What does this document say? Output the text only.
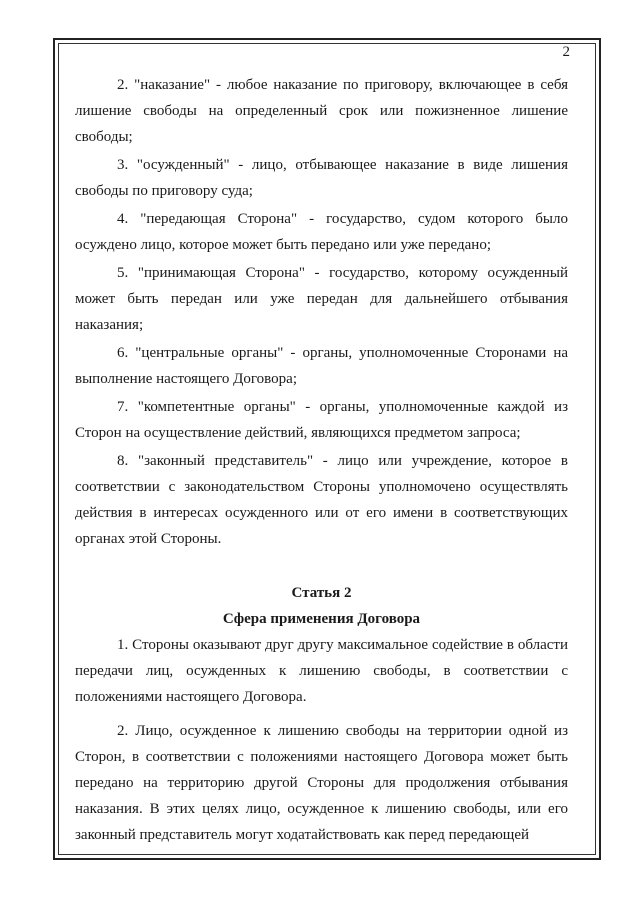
2

2. "наказание" - любое наказание по приговору, включающее в себя лишение свободы на определенный срок или пожизненное лишение свободы;

3. "осужденный" - лицо, отбывающее наказание в виде лишения свободы по приговору суда;

4. "передающая Сторона" - государство, судом которого было осуждено лицо, которое может быть передано или уже передано;

5. "принимающая Сторона" - государство, которому осужденный может быть передан или уже передан для дальнейшего отбывания наказания;

6. "центральные органы" - органы, уполномоченные Сторонами на выполнение настоящего Договора;

7. "компетентные органы" - органы, уполномоченные каждой из Сторон на осуществление действий, являющихся предметом запроса;

8. "законный представитель" - лицо или учреждение, которое в соответствии с законодательством Стороны уполномочено осуществлять действия в интересах осужденного или от его имени в соответствующих органах этой Стороны.

Статья 2

Сфера применения Договора

1. Стороны оказывают друг другу максимальное содействие в области передачи лиц, осужденных к лишению свободы, в соответствии с положениями настоящего Договора.

2. Лицо, осужденное к лишению свободы на территории одной из Сторон, в соответствии с положениями настоящего Договора может быть передано на территорию другой Стороны для продолжения отбывания наказания. В этих целях лицо, осужденное к лишению свободы, или его законный представитель могут ходатайствовать как перед передающей
